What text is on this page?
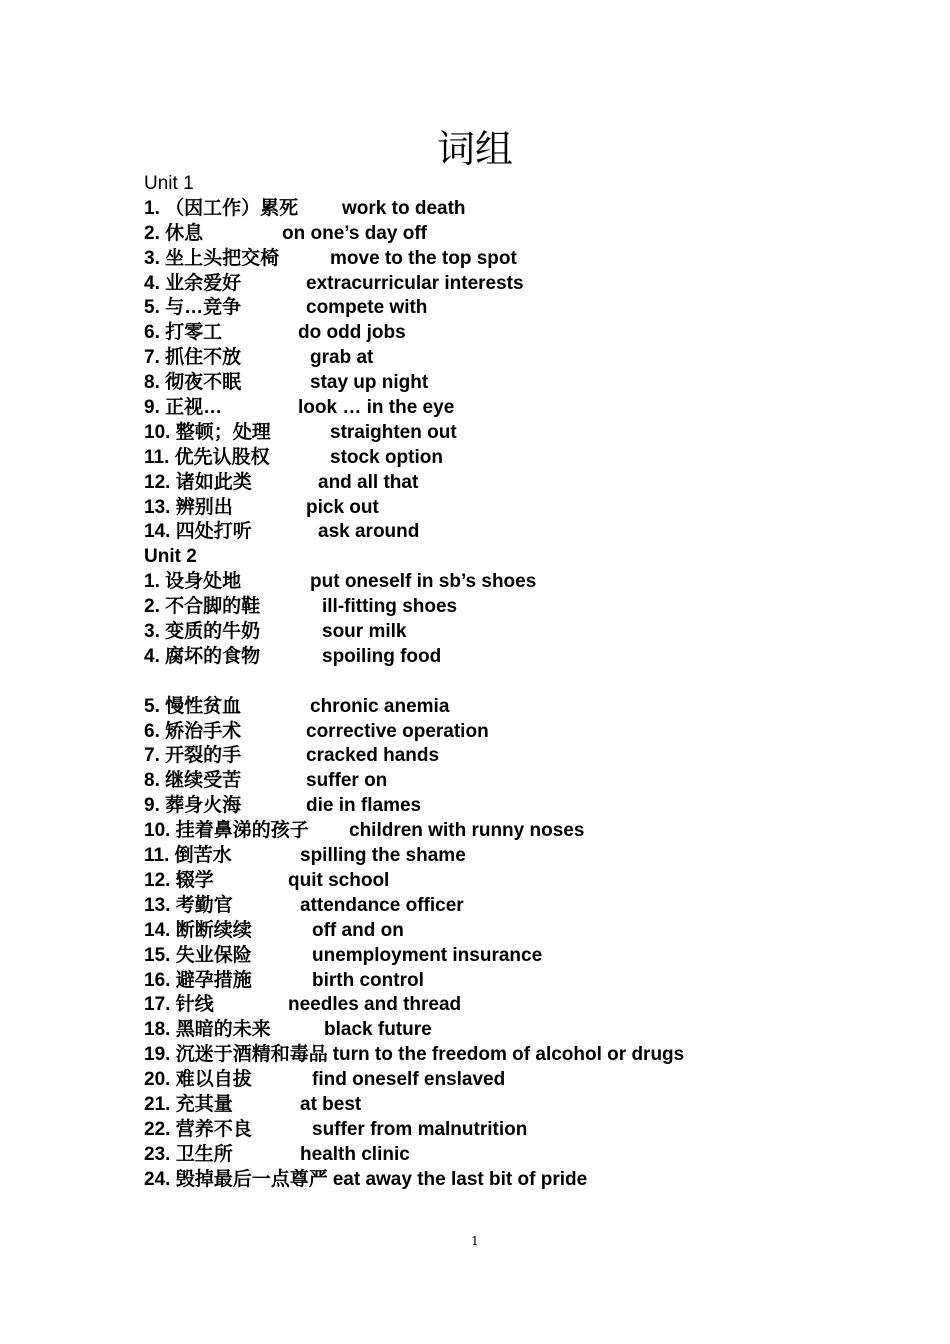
词组
Unit 1
1. （因工作）累死 work to death
2. 休息	on one’s day off
3. 坐上头把交椅	move to the top spot
4. 业余爱好	extracurricular interests
5. 与…竞争	compete with
6. 打零工	do odd jobs
7. 抓住不放	grab at
8. 彻夜不眠	stay up night
9. 正视…	look … in the eye
10. 整顿；处理	straighten out
11. 优先认股权	stock option
12. 诸如此类	and all that
13. 辨别出	pick out
14. 四处打听	ask around
Unit 2
1. 设身处地	put oneself in sb’s shoes
2. 不合脚的鞋	ill-fitting shoes
3. 变质的牛奶	sour milk
4. 腐坏的食物	spoiling food
5. 慢性贫血	chronic anemia
6. 矫治手术	corrective operation
7. 开裂的手	cracked hands
8. 继续受苦	suffer on
9. 葬身火海	die in flames
10. 挂着鼻涕的孩子 children with runny noses
11. 倒苦水	spilling the shame
12. 辍学	quit school
13. 考勤官	attendance officer
14. 断断续续	off and on
15. 失业保险	unemployment insurance
16. 避孕措施	birth control
17. 针线	needles and thread
18. 黑暗的未来	black future
19. 沉迷于酒精和毒品 turn to the freedom of alcohol or drugs
20. 难以自拔	find oneself enslaved
21. 充其量	at best
22. 营养不良	suffer from malnutrition
23. 卫生所	health clinic
24. 毁掉最后一点尊严 eat away the last bit of pride
1
